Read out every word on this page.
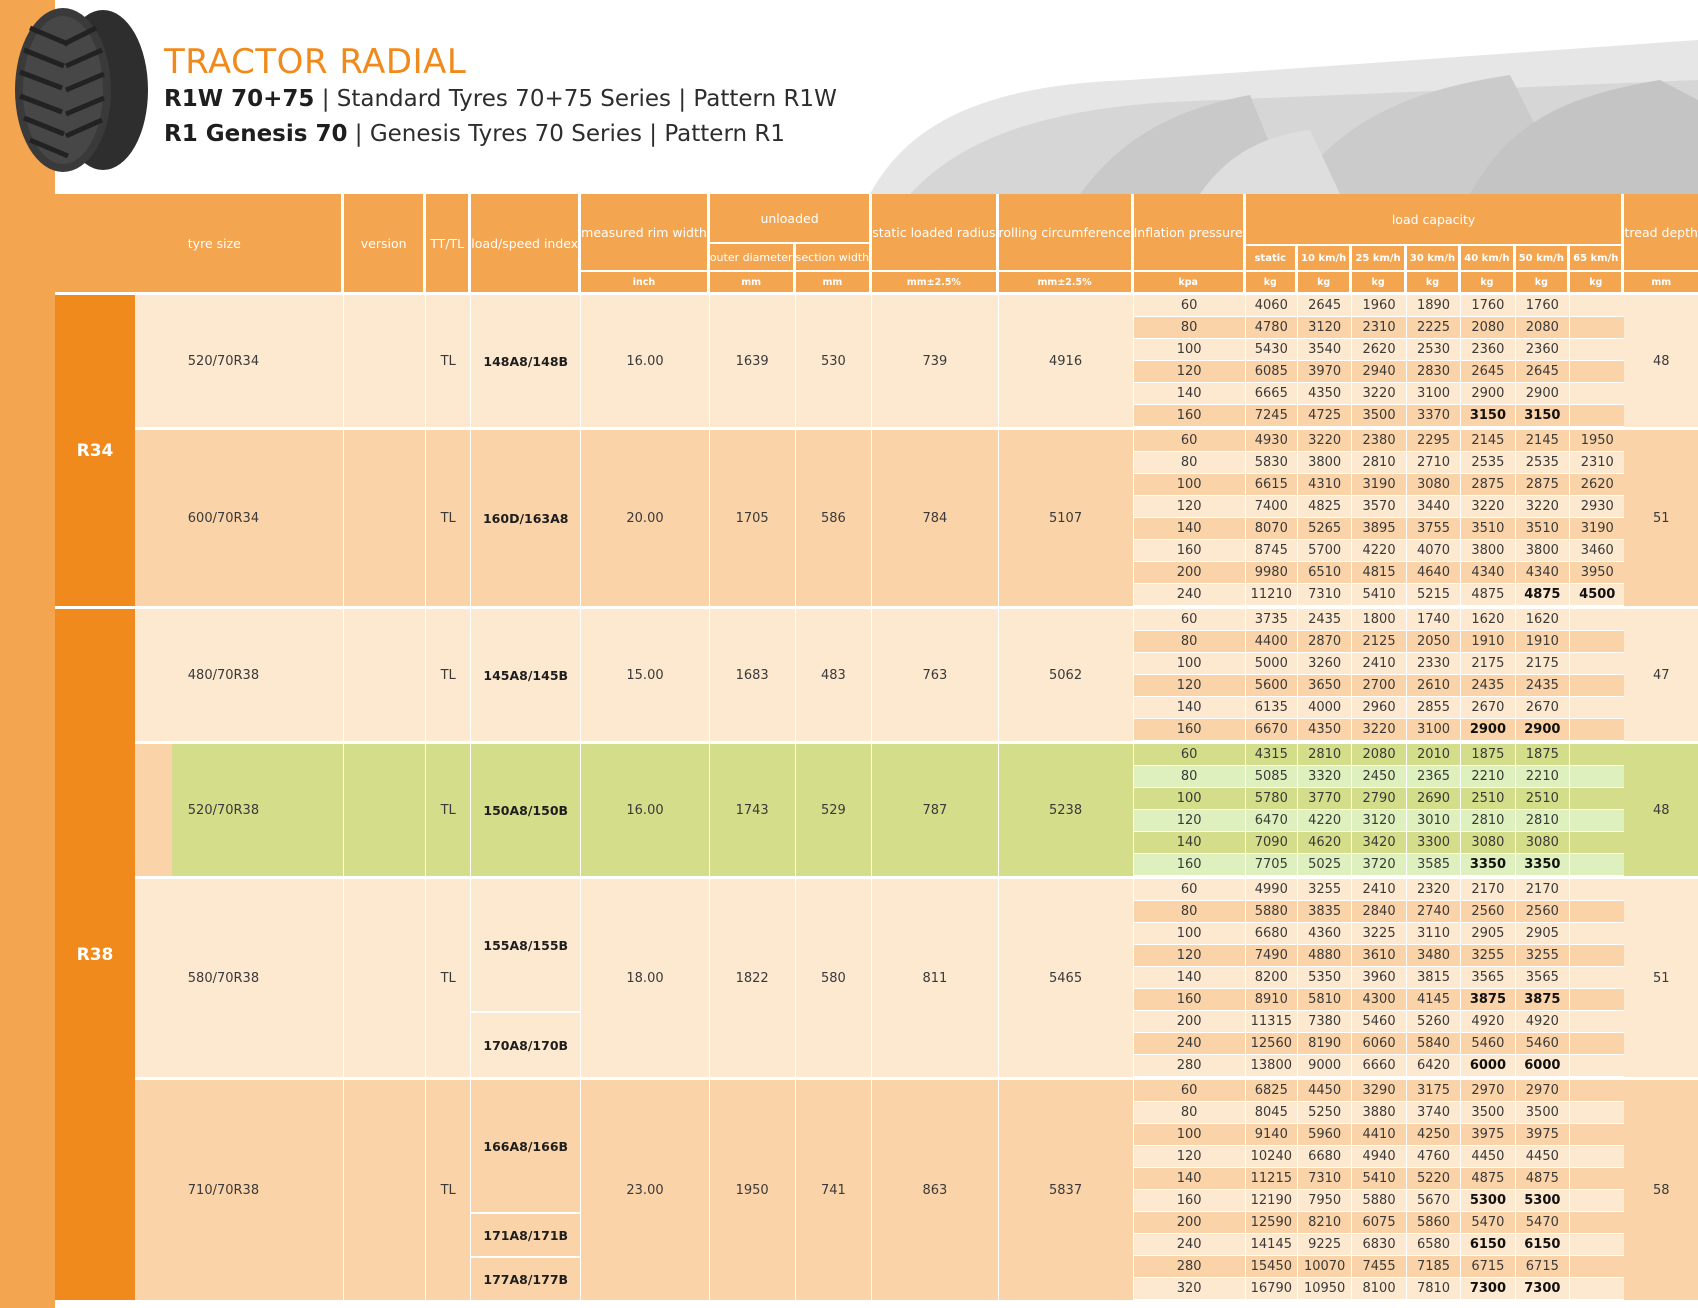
TRACTOR RADIAL
R1W 70+75 | Standard Tyres 70+75 Series | Pattern R1W
R1 Genesis 70 | Genesis Tyres 70 Series | Pattern R1
		tyre size	version	TT/TL	load/speed index	measured rim width	unloaded		static loaded radius	rolling circumference	Inflation pressure	load capacity							tread depth
							outer diameter	section width				static	10 km/h	25 km/h	30 km/h	40 km/h	50 km/h	65 km/h	
						inch	mm	mm	mm±2.5%	mm±2.5%	kpa	kg	kg	kg	kg	kg	kg	kg	mm
R34		520/70R34		TL	148A8/148B	16.00	1639	530	739	4916	60	4060	2645	1960	1890	1760	1760		48
											80	4780	3120	2310	2225	2080	2080		
											100	5430	3540	2620	2530	2360	2360		
											120	6085	3970	2940	2830	2645	2645		
											140	6665	4350	3220	3100	2900	2900		
											160	7245	4725	3500	3370	3150	3150		
		600/70R34		TL	160D/163A8	20.00	1705	586	784	5107	60	4930	3220	2380	2295	2145	2145	1950	51
											80	5830	3800	2810	2710	2535	2535	2310	
											100	6615	4310	3190	3080	2875	2875	2620	
											120	7400	4825	3570	3440	3220	3220	2930	
											140	8070	5265	3895	3755	3510	3510	3190	
											160	8745	5700	4220	4070	3800	3800	3460	
											200	9980	6510	4815	4640	4340	4340	3950	
											240	11210	7310	5410	5215	4875	4875	4500	
R38		480/70R38		TL	145A8/145B	15.00	1683	483	763	5062	60	3735	2435	1800	1740	1620	1620		47
											80	4400	2870	2125	2050	1910	1910		
											100	5000	3260	2410	2330	2175	2175		
											120	5600	3650	2700	2610	2435	2435		
											140	6135	4000	2960	2855	2670	2670		
											160	6670	4350	3220	3100	2900	2900		
		520/70R38		TL	150A8/150B	16.00	1743	529	787	5238	60	4315	2810	2080	2010	1875	1875		48
											80	5085	3320	2450	2365	2210	2210		
											100	5780	3770	2790	2690	2510	2510		
											120	6470	4220	3120	3010	2810	2810		
											140	7090	4620	3420	3300	3080	3080		
											160	7705	5025	3720	3585	3350	3350		
		580/70R38		TL	155A8/155B	18.00	1822	580	811	5465	60	4990	3255	2410	2320	2170	2170		51
											80	5880	3835	2840	2740	2560	2560		
											100	6680	4360	3225	3110	2905	2905		
											120	7490	4880	3610	3480	3255	3255		
											140	8200	5350	3960	3815	3565	3565		
											160	8910	5810	4300	4145	3875	3875		
					170A8/170B						200	11315	7380	5460	5260	4920	4920		
											240	12560	8190	6060	5840	5460	5460		
											280	13800	9000	6660	6420	6000	6000		
		710/70R38		TL	166A8/166B	23.00	1950	741	863	5837	60	6825	4450	3290	3175	2970	2970		58
											80	8045	5250	3880	3740	3500	3500		
											100	9140	5960	4410	4250	3975	3975		
											120	10240	6680	4940	4760	4450	4450		
											140	11215	7310	5410	5220	4875	4875		
											160	12190	7950	5880	5670	5300	5300		
					171A8/171B						200	12590	8210	6075	5860	5470	5470		
											240	14145	9225	6830	6580	6150	6150		
					177A8/177B						280	15450	10070	7455	7185	6715	6715		
											320	16790	10950	8100	7810	7300	7300		
